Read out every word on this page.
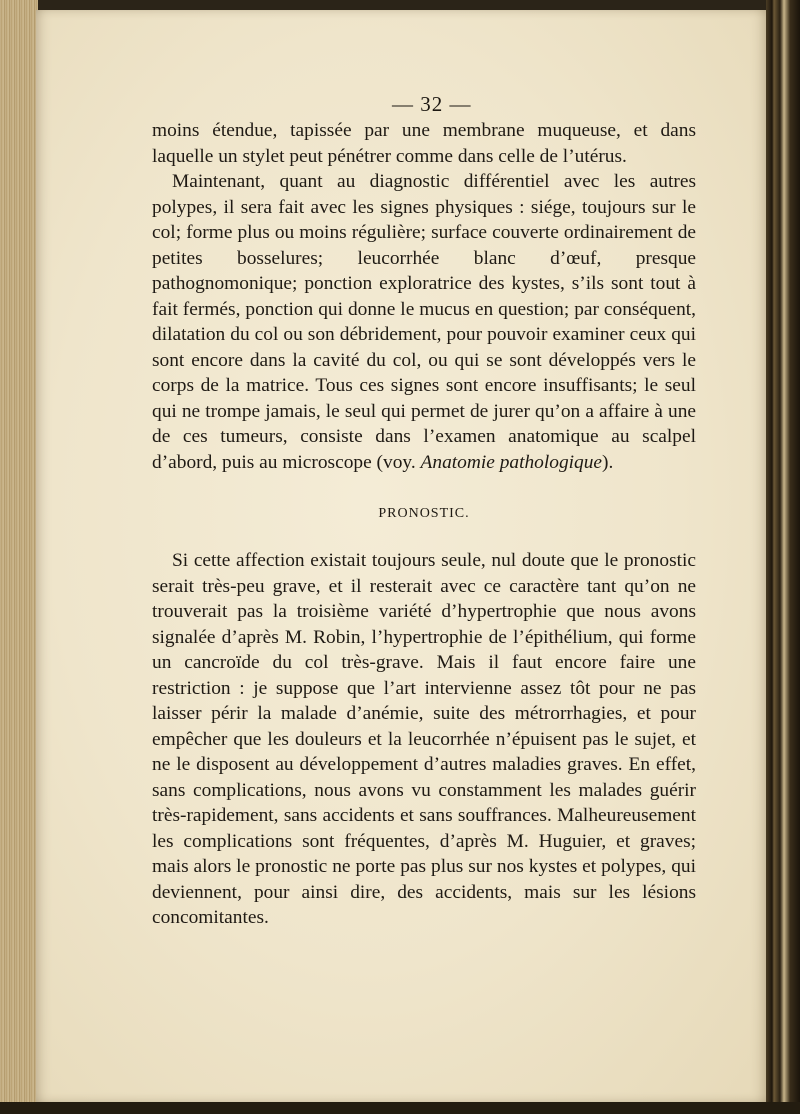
— 32 —

moins étendue, tapissée par une membrane muqueuse, et dans laquelle un stylet peut pénétrer comme dans celle de l’utérus.

Maintenant, quant au diagnostic différentiel avec les autres polypes, il sera fait avec les signes physiques : siége, toujours sur le col; forme plus ou moins régulière; surface couverte ordinairement de petites bosselures; leucorrhée blanc d’œuf, presque pathognomonique; ponction exploratrice des kystes, s’ils sont tout à fait fermés, ponction qui donne le mucus en question; par conséquent, dilatation du col ou son débridement, pour pouvoir examiner ceux qui sont encore dans la cavité du col, ou qui se sont développés vers le corps de la matrice. Tous ces signes sont encore insuffisants; le seul qui ne trompe jamais, le seul qui permet de jurer qu’on a affaire à une de ces tumeurs, consiste dans l’examen anatomique au scalpel d’abord, puis au microscope (voy. Anatomie pathologique).

PRONOSTIC.

Si cette affection existait toujours seule, nul doute que le pronostic serait très-peu grave, et il resterait avec ce caractère tant qu’on ne trouverait pas la troisième variété d’hypertrophie que nous avons signalée d’après M. Robin, l’hypertrophie de l’épithélium, qui forme un cancroïde du col très-grave. Mais il faut encore faire une restriction : je suppose que l’art intervienne assez tôt pour ne pas laisser périr la malade d’anémie, suite des métrorrhagies, et pour empêcher que les douleurs et la leucorrhée n’épuisent pas le sujet, et ne le disposent au développement d’autres maladies graves. En effet, sans complications, nous avons vu constamment les malades guérir très-rapidement, sans accidents et sans souffrances. Malheureusement les complications sont fréquentes, d’après M. Huguier, et graves; mais alors le pronostic ne porte pas plus sur nos kystes et polypes, qui deviennent, pour ainsi dire, des accidents, mais sur les lésions concomitantes.
